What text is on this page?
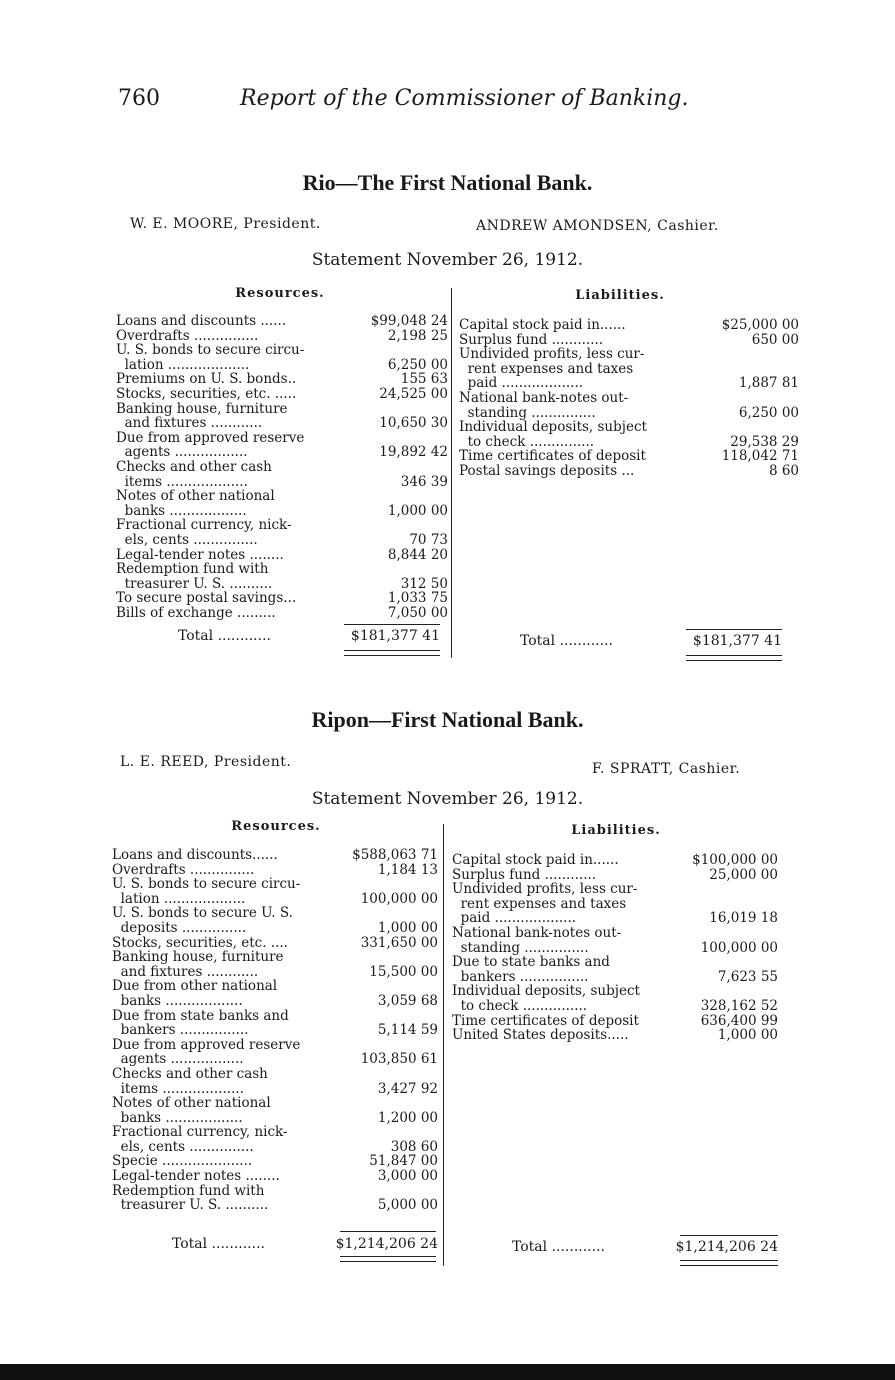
760	Report of the Commissioner of Banking.
Rio—The First National Bank.
W. E. MOORE, President.	ANDREW AMONDSEN, Cashier.
Statement November 26, 1912.
Resources.	Liabilities.
Loans and discounts ......	$99,048 24
Overdrafts ...............	2,198 25
U. S. bonds to secure circu-
lation ...................	6,250 00
Premiums on U. S. bonds..	155 63
Stocks, securities, etc. .....	24,525 00
Banking house, furniture
and fixtures ............	10,650 30
Due from approved reserve
agents .................	19,892 42
Checks and other cash
items ...................	346 39
Notes of other national
banks ..................	1,000 00
Fractional currency, nick-
els, cents ...............	70 73
Legal-tender notes ........	8,844 20
Redemption fund with
treasurer U. S. ..........	312 50
To secure postal savings...	1,033 75
Bills of exchange .........	7,050 00
Capital stock paid in......	$25,000 00
Surplus fund ............	650 00
Undivided profits, less cur-
rent expenses and taxes
paid ...................	1,887 81
National bank-notes out-
standing ...............	6,250 00
Individual deposits, subject
to check ...............	29,538 29
Time certificates of deposit	118,042 71
Postal savings deposits ...	8 60
Total ............	$181,377 41	Total ............	$181,377 41
Ripon—First National Bank.
L. E. REED, President.	F. SPRATT, Cashier.
Statement November 26, 1912.
Resources.	Liabilities.
Loans and discounts......	$588,063 71
Overdrafts ...............	1,184 13
U. S. bonds to secure circu-
lation ...................	100,000 00
U. S. bonds to secure U. S.
deposits ...............	1,000 00
Stocks, securities, etc. ....	331,650 00
Banking house, furniture
and fixtures ............	15,500 00
Due from other national
banks ..................	3,059 68
Due from state banks and
bankers ................	5,114 59
Due from approved reserve
agents .................	103,850 61
Checks and other cash
items ...................	3,427 92
Notes of other national
banks ..................	1,200 00
Fractional currency, nick-
els, cents ...............	308 60
Specie .....................	51,847 00
Legal-tender notes ........	3,000 00
Redemption fund with
treasurer U. S. ..........	5,000 00
Capital stock paid in......	$100,000 00
Surplus fund ............	25,000 00
Undivided profits, less cur-
rent expenses and taxes
paid ...................	16,019 18
National bank-notes out-
standing ...............	100,000 00
Due to state banks and
bankers ................	7,623 55
Individual deposits, subject
to check ...............	328,162 52
Time certificates of deposit	636,400 99
United States deposits.....	1,000 00
Total ............	$1,214,206 24	Total ............	$1,214,206 24
